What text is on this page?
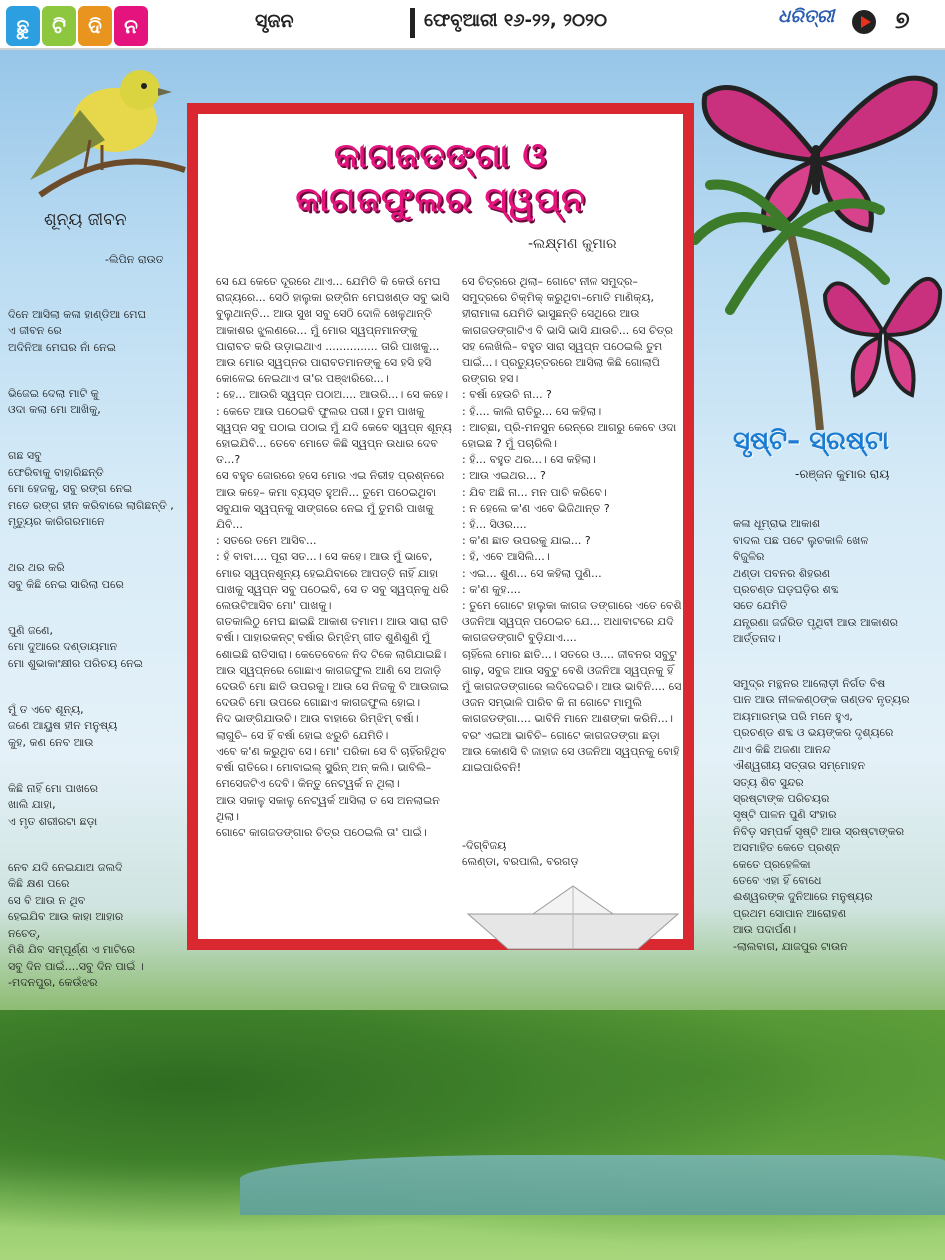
ଛୁ	ଟି	ଦି	ନ	ସୃଜନ	ଫେବୃଆରୀ ୧୬-୨୨, ୨୦୨୦	ଧରିତ୍ରୀ	୭
ଶୂନ୍ୟ ଜୀବନ
-ଲିପିନ ରାଉତ

ଦିନେ ଆସିଲା କଳା ହାଣ୍ଡିଆ ମେଘ
ଏ ଜୀବନ ରେ
ଅଦିନିଆ ମେଘର ନାଁ ନେଇ

ଭିଜେଇ ଦେଲା ମାଟି କୁ
ଓଦା କଲା ମୋ ଆଖିକୁ,

ଗଛ ସବୁ
ଫେରିବାକୁ ବାହାରିଛନ୍ତି
ମୋ ହେଜକୁ, ସବୁ ରଙ୍ଗ ନେଇ
ମତେ ରଙ୍ଗ ହୀନ କରିବାରେ ଲାଗିଛନ୍ତି ,
ମୃତ୍ୟୁର କାରିଗରମାନେ

ଥର ଥର କରି
ସବୁ କିଛି ନେଇ ସାରିଲା ପରେ

ପୁଣି ଜଣେ,
ମୋ ଦୁଆରେ ଦଣ୍ଡାୟମାନ
ମୋ ଶୁଭାକାଂକ୍ଷୀର ପରିଚୟ ନେଇ

ମୁଁ ତ ଏବେ ଶୂନ୍ୟ,
ଜଣେ ଆୟୁଷ ହୀନ ମନୁଷ୍ୟ
କୁହ, କଣ ନେବ ଆଉ

କିଛି ନାହିଁ ମୋ ପାଖରେ
ଖାଲି ଯାହା,
ଏ ମୃତ ଶରୀରଟା ଛଡ଼ା

ନେବ ଯଦି ନେଇଯାଅ ଜଲଦି
କିଛି କ୍ଷଣ ପରେ
ସେ ବି ଆଉ ନ ଥିବ
ହେଇଯିବ ଆଉ କାହା ଆହାର
ନଚେତ୍,
ମିଶି ଯିବ ସମ୍ପୂର୍ଣ୍ଣ ଏ ମାଟିରେ
ସବୁ ଦିନ ପାଇଁ....ସବୁ ଦିନ ପାଇଁ ।
-ମଦନପୁର, କେଉଁଝର

କାଗଜଡଙ୍ଗା ଓ
କାଗଜଫୁଲର ସ୍ୱପ୍ନ
-ଲକ୍ଷ୍ମଣ କୁମାର

ସେ ଯେ କେତେ ଦୂରରେ ଥାଏ... ଯେମିତି କି କେଉଁ ମେଘ ରାଜ୍ୟରେ... ସେଠି ହାଲୁକା ରଙ୍ଗିନ ମେଘଖଣ୍ଡ ସବୁ ଭାସି ବୁଲୁଥାନ୍ତି... ଆଉ ସୁଖ ସବୁ ସେଠି ଦୋଳି ଖେଳୁଥାନ୍ତି ଆକାଶର ଝୁଲଣରେ... ମୁଁ ମୋର ସ୍ୱପ୍ନମାନଙ୍କୁ ପାରାବତ କରି ଉଡ଼ାଇଥାଏ ............... ତାରି ପାଖକୁ... ଆଉ ମୋର ସ୍ୱପ୍ନର ପାରାବତମାନଙ୍କୁ ସେ ହସି ହସି କୋଳେଇ ନେଇଥାଏ ତା'ର ପଞ୍ଝାରିରେ...।

: ହେ... ଆଉରି ସ୍ୱପ୍ନ ପଠାଅ.... ଆଉରି...। ସେ କହେ।

: କେତେ ଆଉ ପଠେଇବି ଫୁଲର ପରୀ। ତୁମ ପାଖକୁ ସ୍ୱପ୍ନ ସବୁ ପଠାଇ ପଠାଇ ମୁଁ ଯଦି କେବେ ସ୍ୱପ୍ନ ଶୂନ୍ୟ ହୋଇଯିବି... ତେବେ ମୋତେ କିଛି ସ୍ୱପ୍ନ ଉଧାର ଦେବ ତ...?

ସେ ବହୁତ ଜୋରରେ ହସେ ମୋର ଏଇ ନିରୀହ ପ୍ରଶ୍ନରେ ଆଉ କହେ– କମା ବ୍ୟସ୍ତ ହୁଅନି... ତୁମେ ପଠେଇଥିବା ସବୁଯାକ ସ୍ୱପ୍ନକୁ ସାଙ୍ଗରେ ନେଇ ମୁଁ ତୁମରି ପାଖକୁ ଯିବି...

: ସତରେ ତମେ ଆସିବ...

: ହଁ ବାବା.... ପୂରା ସତ...। ସେ କହେ। ଆଉ ମୁଁ ଭାବେ, ମୋର ସ୍ୱପ୍ନଶୂନ୍ୟ ହେଇଯିବାରେ ଆପତ୍ତି ନାହିଁ ଯାହା ପାଖକୁ ସ୍ୱପ୍ନ ସବୁ ପଠେଇବି, ସେ ତ ସବୁ ସ୍ୱପ୍ନକୁ ଧରି ଲେଉଟିଆସିବ ମୋ' ପାଖକୁ।

ଗତକାଲିଠୁ ମେଘ ଛାଇଛି ଆକାଶ ତମାମ। ଆଉ ସାରା ରାତି ବର୍ଷା। ପାହାରକନ୍ଟ୍ ବର୍ଷାର ରିମ୍‌ଝିମ୍ ଗୀତ ଶୁଣିଶୁଣି ମୁଁ ଶୋଇଛି ରାତିସାରା। କେତେବେଳେ ନିଦ ଟିକେ ଲାଗିଯାଇଛି। ଆଉ ସ୍ୱପ୍ନରେ ଗୋଛାଏ କାଗଜଫୁଲ ଆଣି ସେ ଅଜାଡ଼ି ଦେଉଚି ମୋ ଛାତି ଉପରକୁ। ଆଉ ସେ ନିଜକୁ ବି ଆଉଜାଇ ଦେଉଚି ମୋ ଉପରେ ଗୋଛାଏ କାଗଜଫୁଲ ହୋଇ।

ନିଦ ଭାଙ୍ଗିଯାଉଚି। ଆଉ ବାହାରେ ରିମ୍‌ଝିମ୍ ବର୍ଷା। ଲାଗୁଚି– ସେ ହିଁ ବର୍ଷା ହୋଇ ଝରୁଚି ଯେମିତି।

ଏବେ କ'ଣ କରୁଥିବ ସେ। ମୋ' ପରିକା ସେ ବି ଚାହିଁରହିଥିବ ବର୍ଷା ରାତିରେ। ମୋବାଇଲ୍ ସ୍କ୍ରିନ୍ ଅନ୍ କଲି। ଭାବିଲି– ମେସେଜଟିଏ ଦେବି। କିନ୍ତୁ ନେଟ୍‌ୱର୍କ ନ ଥିଲା।

ଆଉ ସକାଳୁ ସକାଳୁ ନେଟ୍‌ୱର୍କ ଆସିଲା ତ ସେ ଅନଲାଇନ ଥିଲା।

ଗୋଟେ କାଗଜଡଙ୍ଗାର ଚିତ୍ର ପଠେଇଲି ତା' ପାଇଁ।

ସେ ଚିତ୍ରରେ ଥିଲା– ଗୋଟେ ନୀଳ ସମୁଦ୍ର– ସମୁଦ୍ରରେ ଚିକ୍‌ମିକ୍ କରୁଥିବା–ମୋତି ମାଣିକ୍ୟ, ହୀରାମାଳା ଯେମିତି ଭାସୁଛନ୍ତି ସେଥିରେ ଆଉ କାଗଜଡଙ୍ଗାଟିଏ ବି ଭାସି ଭାସି ଯାଉଚି... ସେ ଚିତ୍ର ସହ ଲେଖିଲି– ବହୁତ ସାରା ସ୍ୱପ୍ନ ପଠେଇଲି ତୁମ ପାଇଁ...। ପ୍ରତ୍ୟୁତ୍ତରରେ ଆସିଲା କିଛି ଗୋଲାପି ରଙ୍ଗର ହସ।

: ବର୍ଷା ହେଉଚି ନା... ?

: ହଁ.... କାଲି ରାତିରୁ... ସେ କହିଲା।

: ଆଚ୍ଛା, ପ୍ରି-ମନସୁନ ରେନ୍‌ରେ ଆଗରୁ କେବେ ଓଦା ହୋଇଛ ? ମୁଁ ପଚାରିଲି।

: ହଁ... ବହୁତ ଥର...। ସେ କହିଲା।

: ଆଉ ଏଇଥର... ?

: ଯିବ ଅଛି ନା... ମନ ପାଚି କରିବେ।

: ନ ହେଲେ କ'ଣ ଏବେ ଭିଜିଥାନ୍ତ ?

: ହଁ... ସିଓର....

: କ'ଣ ଛାତ ଉପରକୁ ଯାଇ... ?

: ହଁ, ଏବେ ଆସିଲି...।

: ଏଇ... ଶୁଣ... ସେ କହିଲା ପୁଣି...

: କ'ଣ କୁହ....

: ତୁମେ ଗୋଟେ ହାଲୁକା କାଗଜ ଡଙ୍ଗାରେ ଏତେ ବେଶି ଓଜନିଆ ସ୍ୱପ୍ନ ପଠେଇଚ ଯେ... ଅଧାବାଟରେ ଯଦି କାଗଜଡଙ୍ଗାଟି ବୁଡ଼ିଯାଏ....

ଚାହିଁଲେ ମୋର ଛାତି...। ସତରେ ଓ.... ଜୀବନର ସବୁଟୁ ଗାଢ଼, ସବୁଜ ଆଉ ସବୁଟୁ ବେଶି ଓଜନିଆ ସ୍ୱପ୍ନକୁ ହିଁ ମୁଁ କାଗଜଡଙ୍ଗାରେ ଲଦିଦେଇଚି। ଆଉ ଭାବିନି.... ସେ ଓଜନ ସମ୍ଭାଳି ପାରିବ କି ନା ଗୋଟେ ମାମୁଲି କାଗଜଡଙ୍ଗା.... ଭାବିନି ମାନେ ଆଶଙ୍କା କରିନି...।

ବରଂ ଏଇଆ ଭାବିଚି– ଗୋଟେ କାଗଜଡଙ୍ଗା ଛଡ଼ା ଆଉ କୋଣସି ବି ଜାହାଜ ସେ ଓଜନିଆ ସ୍ୱପ୍ନକୁ ବୋହି ଯାଇପାରିବନି!

-ଦିଗ୍‌ବିଜୟ
ଲେଣ୍ଡା, ବରପାଲି, ବରଗଡ଼
ସୃଷ୍ଟି– ସ୍ରଷ୍ଟା
-ରଞ୍ଜନ କୁମାର ରାୟ

କଳା ଧୂମ୍ରାଭ ଆକାଶ
ବାଦଲ ପଛ ପଟେ ଲୁଚକାଳି ଖେଳ
ବିଜୁଳିର
ଥଣ୍ଡା ପବନର ଶିହରଣ
ପ୍ରଚଣ୍ଡ ଘଡ଼ଘଡ଼ିର ଶବ୍ଦ
ସତେ ଯେମିତି
ଯନ୍ତ୍ରଣା ଜର୍ଜରିତ ପୃଥିବୀ ଆଉ ଆକାଶର
ଆର୍ତ୍ତନାଦ।

ସମୁଦ୍ର ମନ୍ଥନର ଆଲୋଡ଼ୀ ନିର୍ଗତ ବିଷ
ପାନ ଆଉ ନୀଳକଣ୍ଠଙ୍କ ତାଣ୍ଡବ ନୃତ୍ୟର
ଅୟମାରମ୍ଭ ପରି ମନେ ହୁଏ,
ପ୍ରଚଣ୍ଡ ଶବ୍ଦ ଓ ଭୟଙ୍କର ଦୃଶ୍ୟରେ
ଥାଏ କିଛି ଅଜଣା ଆନନ୍ଦ
ଐଶ୍ୱରୀୟ ସତ୍ତାର ସମ୍ମୋହନ
ସତ୍ୟ ଶିବ ସୁନ୍ଦର
ସ୍ରଷ୍ଟାଙ୍କ ପରିଚୟର
ସୃଷ୍ଟି ପାଳନ ପୁଣି ସଂହାର
ନିବିଡ଼ ସମ୍ପର୍କ ସୃଷ୍ଟି ଆଉ ସ୍ରଷ୍ଟାଙ୍କର
ଅସମାହିତ କେତେ ପ୍ରଶ୍ନ
କେତେ ପ୍ରହେଳିକା
ତେବେ ଏହା ହିଁ ବୋଧେ
ଈଶ୍ୱରଙ୍କ ଦୁନିଆରେ ମନୁଷ୍ୟର
ପ୍ରଥମ ସୋପାନ ଆରୋହଣ
ଆଉ ପଦାର୍ପଣ।
-ଲାଲବାଗ, ଯାଜପୁର ଟାଉନ
